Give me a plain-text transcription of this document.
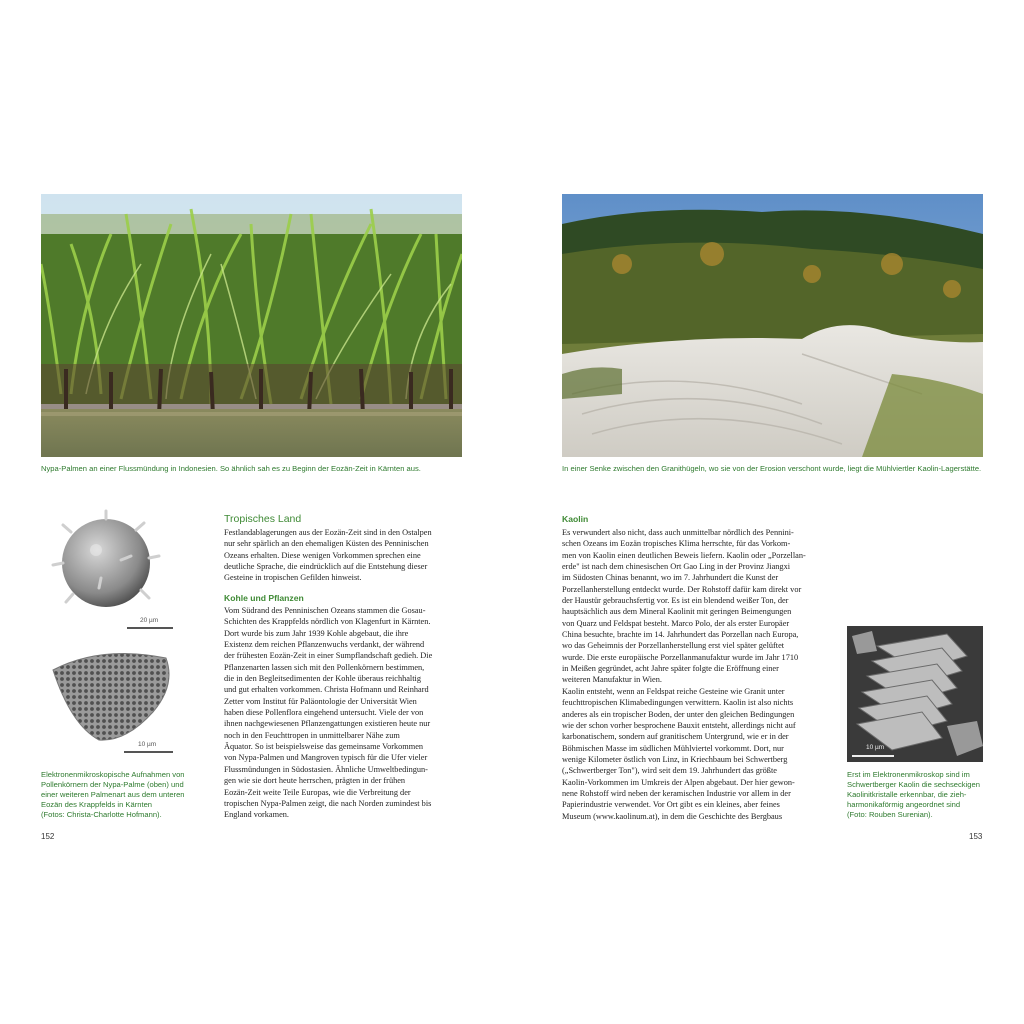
Nypa-Palmen an einer Flussmündung in Indonesien. So ähnlich sah es zu Beginn der Eozän-Zeit in Kärnten aus.
20 µm
10 µm
Elektronenmikroskopische Aufnahmen von
Pollenkörnern der Nypa-Palme (oben) und
einer weiteren Palmenart aus dem unteren
Eozän des Krappfelds in Kärnten
(Fotos: Christa-Charlotte Hofmann).
Tropisches Land
Festlandablagerungen aus der Eozän-Zeit sind in den Ostalpen
nur sehr spärlich an den ehemaligen Küsten des Penninischen
Ozeans erhalten. Diese wenigen Vorkommen sprechen eine
deutliche Sprache, die eindrücklich auf die Entstehung dieser
Gesteine in tropischen Gefilden hinweist.
Kohle und Pflanzen
Vom Südrand des Penninischen Ozeans stammen die Gosau-
Schichten des Krappfelds nördlich von Klagenfurt in Kärnten.
Dort wurde bis zum Jahr 1939 Kohle abgebaut, die ihre
Existenz dem reichen Pflanzenwuchs verdankt, der während
der frühesten Eozän-Zeit in einer Sumpflandschaft gedieh. Die
Pflanzenarten lassen sich mit den Pollenkörnern bestimmen,
die in den Begleitsedimenten der Kohle überaus reichhaltig
und gut erhalten vorkommen. Christa Hofmann und Reinhard
Zetter vom Institut für Paläontologie der Universität Wien
haben diese Pollenflora eingehend untersucht. Viele der von
ihnen nachgewiesenen Pflanzengattungen existieren heute nur
noch in den Feuchttropen in unmittelbarer Nähe zum
Äquator. So ist beispielsweise das gemeinsame Vorkommen
von Nypa-Palmen und Mangroven typisch für die Ufer vieler
Flussmündungen in Südostasien. Ähnliche Umweltbedingun-
gen wie sie dort heute herrschen, prägten in der frühen
Eozän-Zeit weite Teile Europas, wie die Verbreitung der
tropischen Nypa-Palmen zeigt, die nach Norden zumindest bis
England vorkamen.
152
In einer Senke zwischen den Granithügeln, wo sie von der Erosion verschont wurde, liegt die Mühlviertler Kaolin-Lagerstätte.
Kaolin
Es verwundert also nicht, dass auch unmittelbar nördlich des Pennini-
schen Ozeans im Eozän tropisches Klima herrschte, für das Vorkom-
men von Kaolin einen deutlichen Beweis liefern. Kaolin oder „Porzellan-
erde" ist nach dem chinesischen Ort Gao Ling in der Provinz Jiangxi
im Südosten Chinas benannt, wo im 7. Jahrhundert die Kunst der
Porzellanherstellung entdeckt wurde. Der Rohstoff dafür kam direkt vor
der Haustür gebrauchsfertig vor. Es ist ein blendend weißer Ton, der
hauptsächlich aus dem Mineral Kaolinit mit geringen Beimengungen
von Quarz und Feldspat besteht. Marco Polo, der als erster Europäer
China besuchte, brachte im 14. Jahrhundert das Porzellan nach Europa,
wo das Geheimnis der Porzellanherstellung erst viel später gelüftet
wurde. Die erste europäische Porzellanmanufaktur wurde im Jahr 1710
in Meißen gegründet, acht Jahre später folgte die Eröffnung einer
weiteren Manufaktur in Wien.
Kaolin entsteht, wenn an Feldspat reiche Gesteine wie Granit unter
feuchttropischen Klimabedingungen verwittern. Kaolin ist also nichts
anderes als ein tropischer Boden, der unter den gleichen Bedingungen
wie der schon vorher besprochene Bauxit entsteht, allerdings nicht auf
karbonatischem, sondern auf granitischem Untergrund, wie er in der
Böhmischen Masse im südlichen Mühlviertel vorkommt. Dort, nur
wenige Kilometer östlich von Linz, in Kriechbaum bei Schwertberg
(„Schwertberger Ton"), wird seit dem 19. Jahrhundert das größte
Kaolin-Vorkommen im Umkreis der Alpen abgebaut. Der hier gewon-
nene Rohstoff wird neben der keramischen Industrie vor allem in der
Papierindustrie verwendet. Vor Ort gibt es ein kleines, aber feines
Museum (www.kaolinum.at), in dem die Geschichte des Bergbaus
10 µm
Erst im Elektronenmikroskop sind im
Schwertberger Kaolin die sechseckigen
Kaolinitkristalle erkennbar, die zieh-
harmonikaförmig angeordnet sind
(Foto: Rouben Surenian).
153
